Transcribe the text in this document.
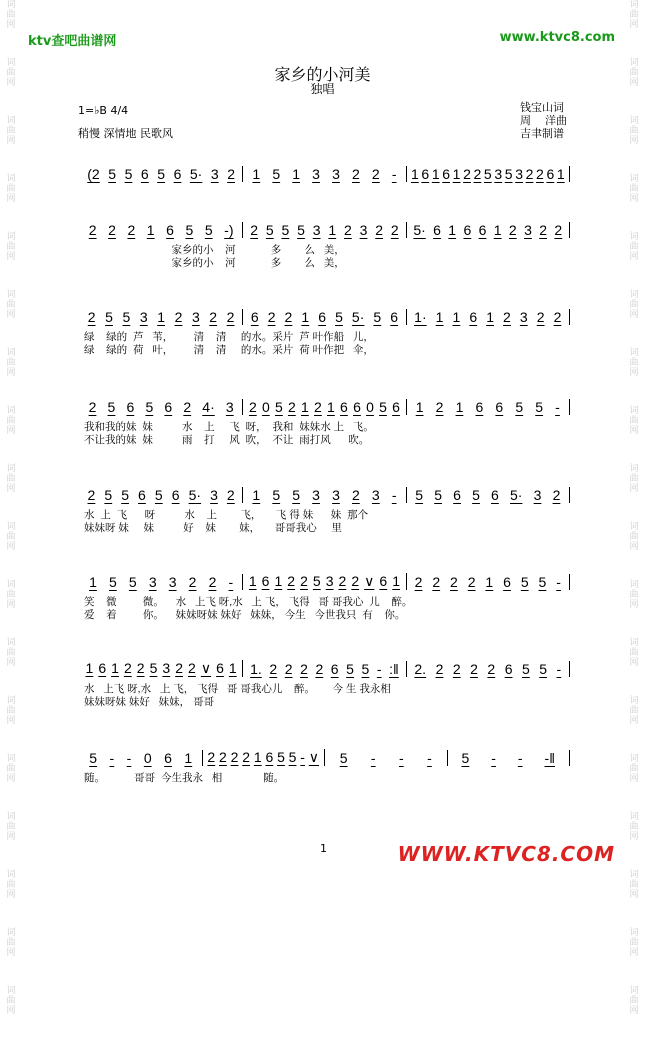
词曲网
词曲网
词曲网
词曲网
词曲网
词曲网
词曲网
词曲网
词曲网
词曲网
词曲网
词曲网
词曲网
词曲网
词曲网
词曲网
词曲网
词曲网
词曲网
词曲网
词曲网
词曲网
词曲网
词曲网
词曲网
词曲网
词曲网
词曲网
词曲网
词曲网
词曲网
词曲网
词曲网
词曲网
词曲网
词曲网
ktv查吧曲谱网	www.ktvc8.com
家乡的小河美
独唱
1=♭B 4/4
稍慢 深情地 民歌风
钱宝山词
周    洋曲
吉聿制谱
(2 5 5 6 5 6 5· 3 2 1 5 1 3 3 2 2 - 1 6 1 6 1 2 2 5 3 5 3 2 2 6 1
2 2 2 1 6 5 5 -) 2 5 5 5 3 1 2 3 2 2 5· 6 1 6 6 1 2 3 2 2
家乡的小    河            多        么   美，
家乡的小    河            多        么   美，
2 5 5 3 1 2 3 2 2 6 2 2 1 6 5 5· 5 6 1· 1 1 6 1 2 3 2 2
绿    绿的  芦   苇，       清    清     的水。采片  芦 叶作船   儿，
绿    绿的  荷   叶，       清    清     的水。采片  荷 叶作把   伞，
2 5 6 5 6 2 4· 3 2 0 5 2 1 2 1 6 6 0 5 6 1 2 1 6 6 5 5 -
我和我的妹  妹          水    上     飞  呀，  我和  妹妹水 上   飞。
不让我的妹  妹          雨    打     风  吹，  不让  雨打风      吹。
2 5 5 6 5 6 5· 3 2 1 5 5 3 3 2 3 - 5 5 6 5 6 5· 3 2
水  上  飞      呀          水    上        飞，     飞 得 妹      妹  那个
妹妹呀 妹     妹          好    妹        妹，     哥哥我心     里
1 5 5 3 3 2 2 - 1 6 1 2 2 5 3 2 2 ∨ 6 1 2 2 2 2 1 6 5 5 -
笑    微         微。    水   上飞 呀,水   上 飞， 飞得   哥 哥我心  儿    醉。
爱    着         你。    妹妹呀妹 妹好   妹妹， 今生   今世我只  有    你。
1 6 1 2 2 5 3 2 2 ∨ 6 1 1. 2 2 2 2 6 5 5 - :‖ 2. 2 2 2 2 6 5 5 -
水   上飞 呀,水   上 飞， 飞得   哥 哥我心儿    醉。      今 生 我永相
妹妹呀妹 妹好   妹妹， 哥哥
5 - - 0 6 1 2 2 2 2 1 6 5 5 - ∨ 5 - - - 5 - - -‖
随。          哥哥  今生我永   相              随。
1	WWW.KTVC8.COM
